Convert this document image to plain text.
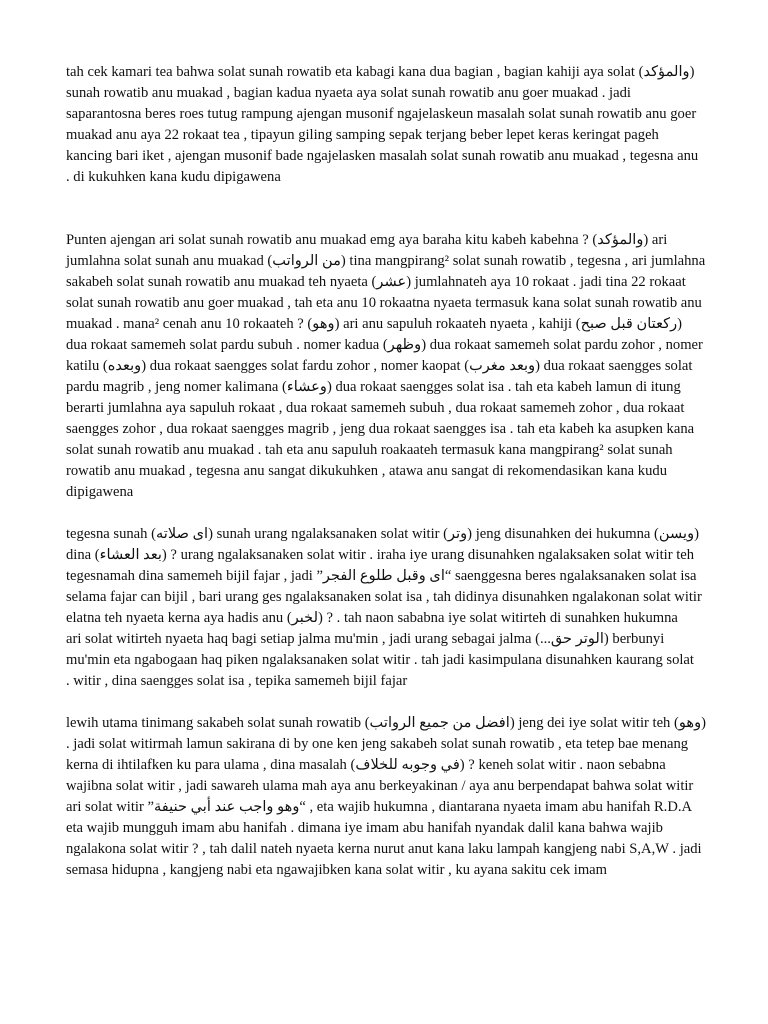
(والمؤكد) tah cek kamari tea bahwa solat sunah rowatib eta kabagi kana dua bagian , bagian kahiji aya solat sunah rowatib anu muakad , bagian kadua nyaeta aya solat sunah rowatib anu goer muakad . jadi saparantosna beres roes tutug rampung ajengan musonif ngajelaskeun masalah solat sunah rowatib anu goer muakad anu aya 22 rokaat tea , tipayun giling samping sepak terjang beber lepet keras keringat pageh kancing bari iket , ajengan musonif bade ngajelasken masalah solat sunah rowatib anu muakad , tegesna anu di kukuhken kana kudu dipigawena .

Punten ajengan ari solat sunah rowatib anu muakad emg aya baraha kitu kabeh kabehna ? (والمؤكد) ari jumlahna solat sunah anu muakad (من الرواتب) tina mangpirang² solat sunah rowatib , tegesna , ari jumlahna sakabeh solat sunah rowatib anu muakad teh nyaeta (عشر) jumlahnateh aya 10 rokaat . jadi tina 22 rokaat solat sunah rowatib anu goer muakad , tah eta anu 10 rokaatna nyaeta termasuk kana solat sunah rowatib anu muakad . mana² cenah anu 10 rokaateh ? (وهو) ari anu sapuluh rokaateh nyaeta , kahiji (ركعتان قبل صبح) dua rokaat samemeh solat pardu subuh . nomer kadua (وظهر) dua rokaat samemeh solat pardu zohor , nomer katilu (وبعده) dua rokaat saengges solat fardu zohor , nomer kaopat (وبعد مغرب) dua rokaat saengges solat pardu magrib , jeng nomer kalimana (وعشاء) dua rokaat saengges solat isa . tah eta kabeh lamun di itung berarti jumlahna aya sapuluh rokaat , dua rokaat samemeh subuh , dua rokaat samemeh zohor , dua rokaat saengges zohor , dua rokaat saengges magrib , jeng dua rokaat saengges isa . tah eta kabeh ka asupken kana solat sunah rowatib anu muakad . tah eta anu sapuluh roakaateh termasuk kana mangpirang² solat sunah rowatib anu muakad , tegesna anu sangat dikukuhken , atawa anu sangat di rekomendasikan kana kudu dipigawena

(ويسن) jeng disunahken dei hukumna (وتر) sunah urang ngalaksanaken solat witir (اى صلاته) tegesna sunah urang ngalaksanaken solat witir . iraha iye urang disunahken ngalaksaken solat witir teh ? (بعد العشاء) dina saenggesna beres ngalaksanaken solat isa “اى وقبل طلوع الفجر” tegesnamah dina samemeh bijil fajar , jadi selama fajar can bijil , bari urang ges ngalaksanaken solat isa , tah didinya disunahken ngalakonan solat witir . tah naon sababna iye solat witirteh di sunahken hukumna ? (لخبر) elatna teh nyaeta kerna aya hadis anu berbunyi (الوتر حق...) ari solat witirteh nyaeta haq bagi setiap jalma mu'min , jadi urang sebagai jalma mu'min eta ngabogaan haq piken ngalaksanaken solat witir . tah jadi kasimpulana disunahken kaurang solat witir , dina saengges solat isa , tepika samemeh bijil fajar .

(وهو) jeng dei iye solat witir teh (افضل من جميع الرواتب) lewih utama tinimang sakabeh solat sunah rowatib . jadi solat witirmah lamun sakirana di by one ken jeng sakabeh solat sunah rowatib , eta tetep bae menang keneh solat witir . naon sebabna ? (في وجوبه للخلاف) kerna di ihtilafken ku para ulama , dina masalah wajibna solat witir , jadi sawareh ulama mah aya anu berkeyakinan / aya anu berpendapat bahwa solat witir eta wajib hukumna , diantarana nyaeta imam abu hanifah R.D.A , “وهو واجب عند أبي حنيفة” ari solat witir eta wajib mungguh imam abu hanifah . dimana iye imam abu hanifah nyandak dalil kana bahwa wajib ngalakona solat witir ? , tah dalil nateh nyaeta kerna nurut anut kana laku lampah kangjeng nabi S,A,W . jadi semasa hidupna , kangjeng nabi eta ngawajibken kana solat witir , ku ayana sakitu cek imam
